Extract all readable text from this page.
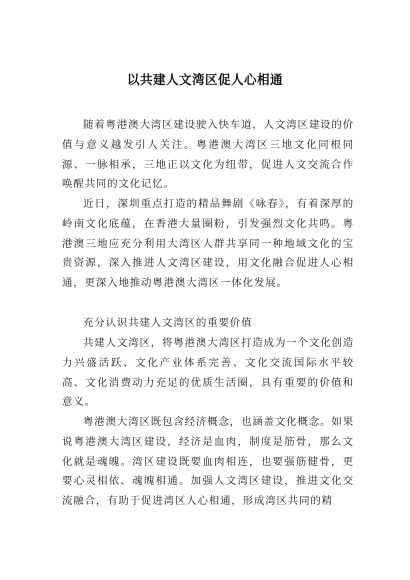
以共建人文湾区促人心相通

随着粤港澳大湾区建设驶入快车道，人文湾区建设的价值与意义越发引人关注。粤港澳大湾区三地文化同根同源、一脉相承，三地正以文化为纽带，促进人文交流合作唤醒共同的文化记忆。

近日，深圳重点打造的精品舞剧《咏春》，有着深厚的岭南文化底蕴，在香港大量圈粉，引发强烈文化共鸣。粤港澳三地应充分利用大湾区人群共享同一种地域文化的宝贵资源，深入推进人文湾区建设，用文化融合促进人心相通，更深入地推动粤港澳大湾区一体化发展。

充分认识共建人文湾区的重要价值

共建人文湾区，将粤港澳大湾区打造成为一个文化创造力兴盛活跃、文化产业体系完善、文化交流国际水平较高、文化消费动力充足的优质生活圈，具有重要的价值和意义。

粤港澳大湾区既包含经济概念，也涵盖文化概念。如果说粤港澳大湾区建设，经济是血肉，制度是筋骨，那么文化就是魂魄。湾区建设既要血肉相连，也要强筋健骨，更要心灵相依、魂魄相通。加强人文湾区建设，推进文化交流融合，有助于促进湾区人心相通，形成湾区共同的精
